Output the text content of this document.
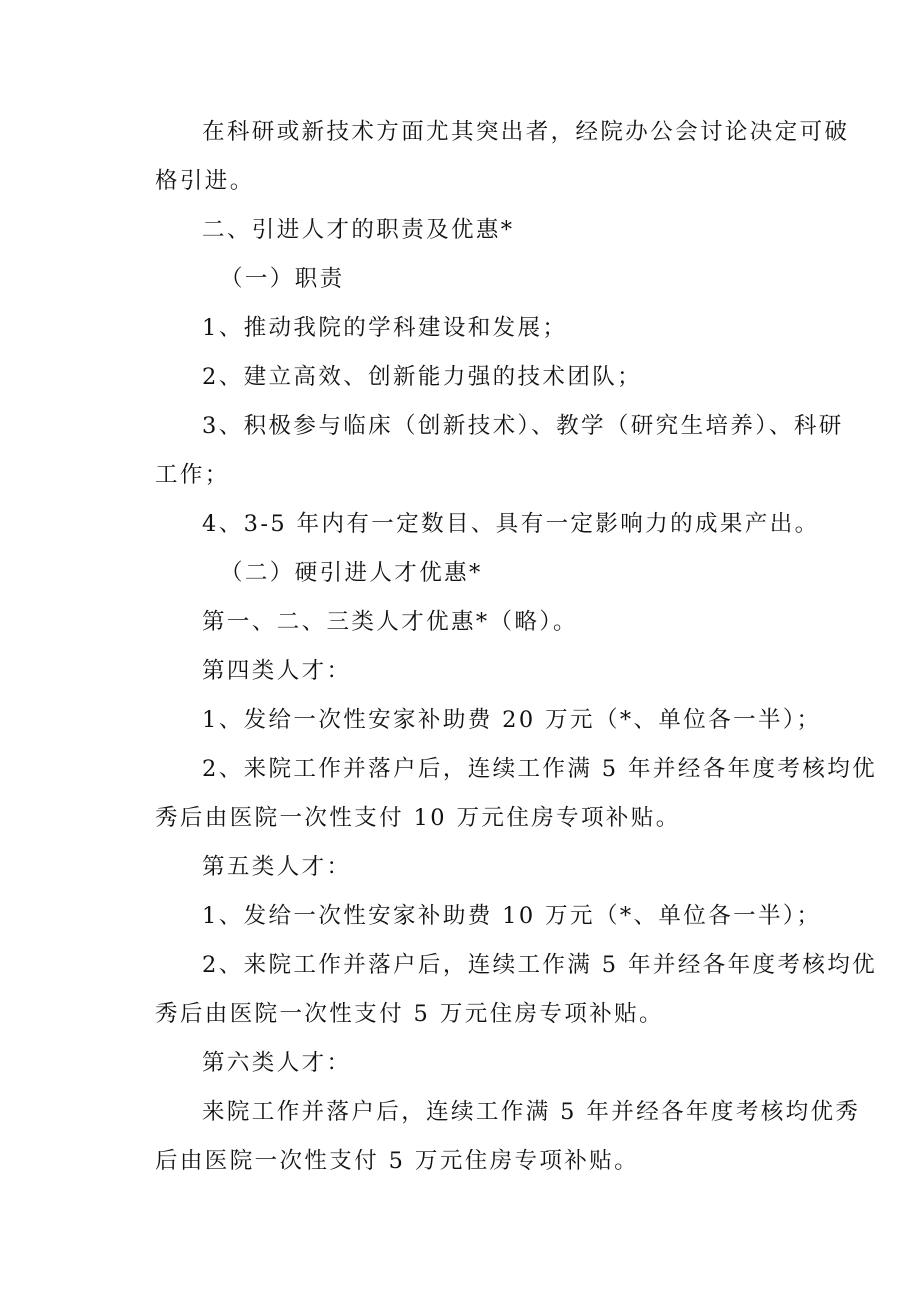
在科研或新技术方面尤其突出者，经院办公会讨论决定可破
格引进。
二、引进人才的职责及优惠*
（一）职责
1、推动我院的学科建设和发展；
2、建立高效、创新能力强的技术团队；
3、积极参与临床（创新技术）、教学（研究生培养）、科研
工作；
4、3-5 年内有一定数目、具有一定影响力的成果产出。
（二）硬引进人才优惠*
第一、二、三类人才优惠*（略）。
第四类人才：
1、发给一次性安家补助费 20 万元（*、单位各一半）；
2、来院工作并落户后，连续工作满 5 年并经各年度考核均优
秀后由医院一次性支付 10 万元住房专项补贴。
第五类人才：
1、发给一次性安家补助费 10 万元（*、单位各一半）；
2、来院工作并落户后，连续工作满 5 年并经各年度考核均优
秀后由医院一次性支付 5 万元住房专项补贴。
第六类人才：
来院工作并落户后，连续工作满 5 年并经各年度考核均优秀
后由医院一次性支付 5 万元住房专项补贴。
